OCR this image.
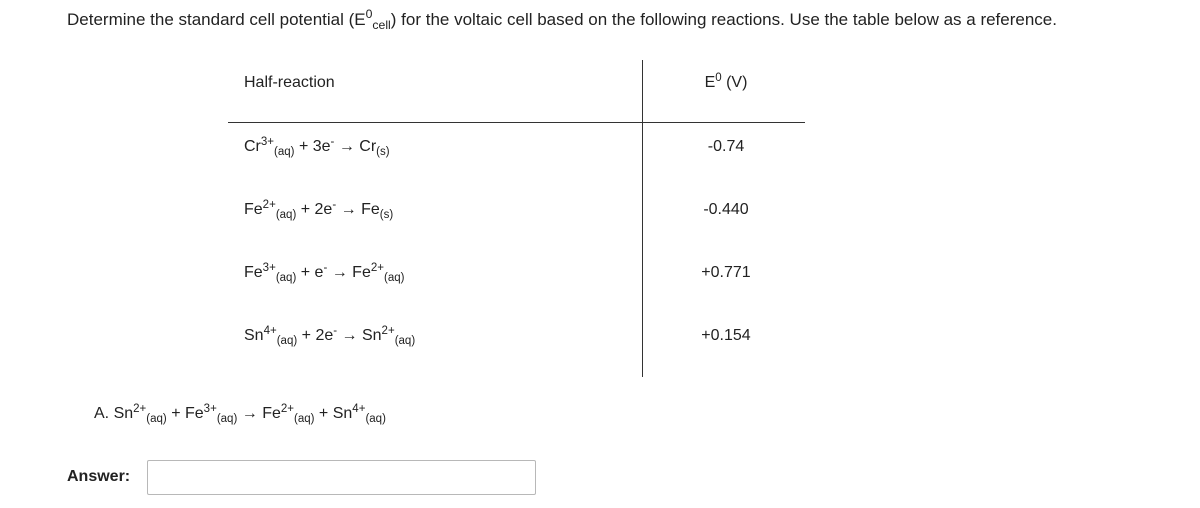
Determine the standard cell potential $(E^0_{cell})$ for the voltaic cell based on the following reactions. Use the table below as a reference.
Half-reaction	$E^0$ (V)
$Cr^{3+}_{(aq)} + 3e^- \to Cr_{(s)}$	-0.74
$Fe^{2+}_{(aq)} + 2e^- \to Fe_{(s)}$	-0.440
$Fe^{3+}_{(aq)} + e^- \to Fe^{2+}_{(aq)}$	+0.771
$Sn^{4+}_{(aq)} + 2e^- \to Sn^{2+}_{(aq)}$	+0.154
A. $Sn^{2+}_{(aq)} + Fe^{3+}_{(aq)} \to Fe^{2+}_{(aq)} + Sn^{4+}_{(aq)}$
Answer:
